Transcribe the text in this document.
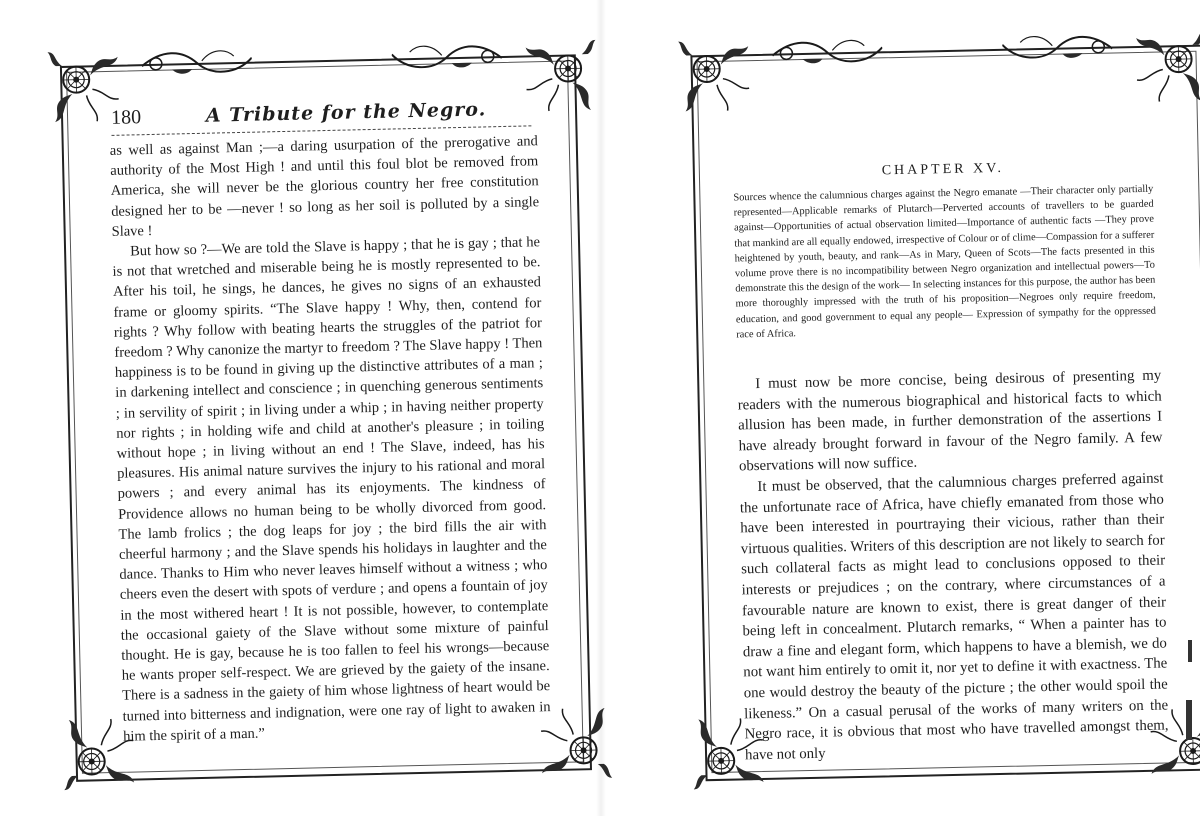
180	A Tribute for the Negro.

as well as against Man ;—a daring usurpation of the prerogative and authority of the Most High ! and until this foul blot be removed from America, she will never be the glorious country her free constitution designed her to be —never ! so long as her soil is polluted by a single Slave !

But how so ?—We are told the Slave is happy ; that he is gay ; that he is not that wretched and miserable being he is mostly represented to be. After his toil, he sings, he dances, he gives no signs of an exhausted frame or gloomy spirits. “The Slave happy ! Why, then, contend for rights ? Why follow with beating hearts the struggles of the patriot for freedom ? Why canonize the martyr to freedom ? The Slave happy ! Then happiness is to be found in giving up the distinctive attributes of a man ; in darkening intellect and conscience ; in quenching generous sentiments ; in servility of spirit ; in living under a whip ; in having neither property nor rights ; in holding wife and child at another's pleasure ; in toiling without hope ; in living without an end ! The Slave, indeed, has his pleasures. His animal nature survives the injury to his rational and moral powers ; and every animal has its enjoyments. The kindness of Providence allows no human being to be wholly divorced from good. The lamb frolics ; the dog leaps for joy ; the bird fills the air with cheerful harmony ; and the Slave spends his holidays in laughter and the dance. Thanks to Him who never leaves himself without a witness ; who cheers even the desert with spots of verdure ; and opens a fountain of joy in the most withered heart ! It is not possible, however, to contemplate the occasional gaiety of the Slave without some mixture of painful thought. He is gay, because he is too fallen to feel his wrongs—because he wants proper self-respect. We are grieved by the gaiety of the insane. There is a sadness in the gaiety of him whose lightness of heart would be turned into bitterness and indignation, were one ray of light to awaken in him the spirit of a man.”

CHAPTER XV.
Sources whence the calumnious charges against the Negro emanate —Their character only partially represented—Applicable remarks of Plutarch—Perverted accounts of travellers to be guarded against—Opportunities of actual observation limited—Importance of authentic facts —They prove that mankind are all equally endowed, irrespective of Colour or of clime—Compassion for a sufferer heightened by youth, beauty, and rank—As in Mary, Queen of Scots—The facts presented in this volume prove there is no incompatibility between Negro organization and intellectual powers—To demonstrate this the design of the work— In selecting instances for this purpose, the author has been more thoroughly impressed with the truth of his proposition—Negroes only require freedom, education, and good government to equal any people— Expression of sympathy for the oppressed race of Africa.

I must now be more concise, being desirous of presenting my readers with the numerous biographical and historical facts to which allusion has been made, in further demonstration of the assertions I have already brought forward in favour of the Negro family. A few observations will now suffice.

It must be observed, that the calumnious charges preferred against the unfortunate race of Africa, have chiefly emanated from those who have been interested in pourtraying their vicious, rather than their virtuous qualities. Writers of this description are not likely to search for such collateral facts as might lead to conclusions opposed to their interests or prejudices ; on the contrary, where circumstances of a favourable nature are known to exist, there is great danger of their being left in concealment. Plutarch remarks, “ When a painter has to draw a fine and elegant form, which happens to have a blemish, we do not want him entirely to omit it, nor yet to define it with exactness. The one would destroy the beauty of the picture ; the other would spoil the likeness.” On a casual perusal of the works of many writers on the Negro race, it is obvious that most who have travelled amongst them, have not only
